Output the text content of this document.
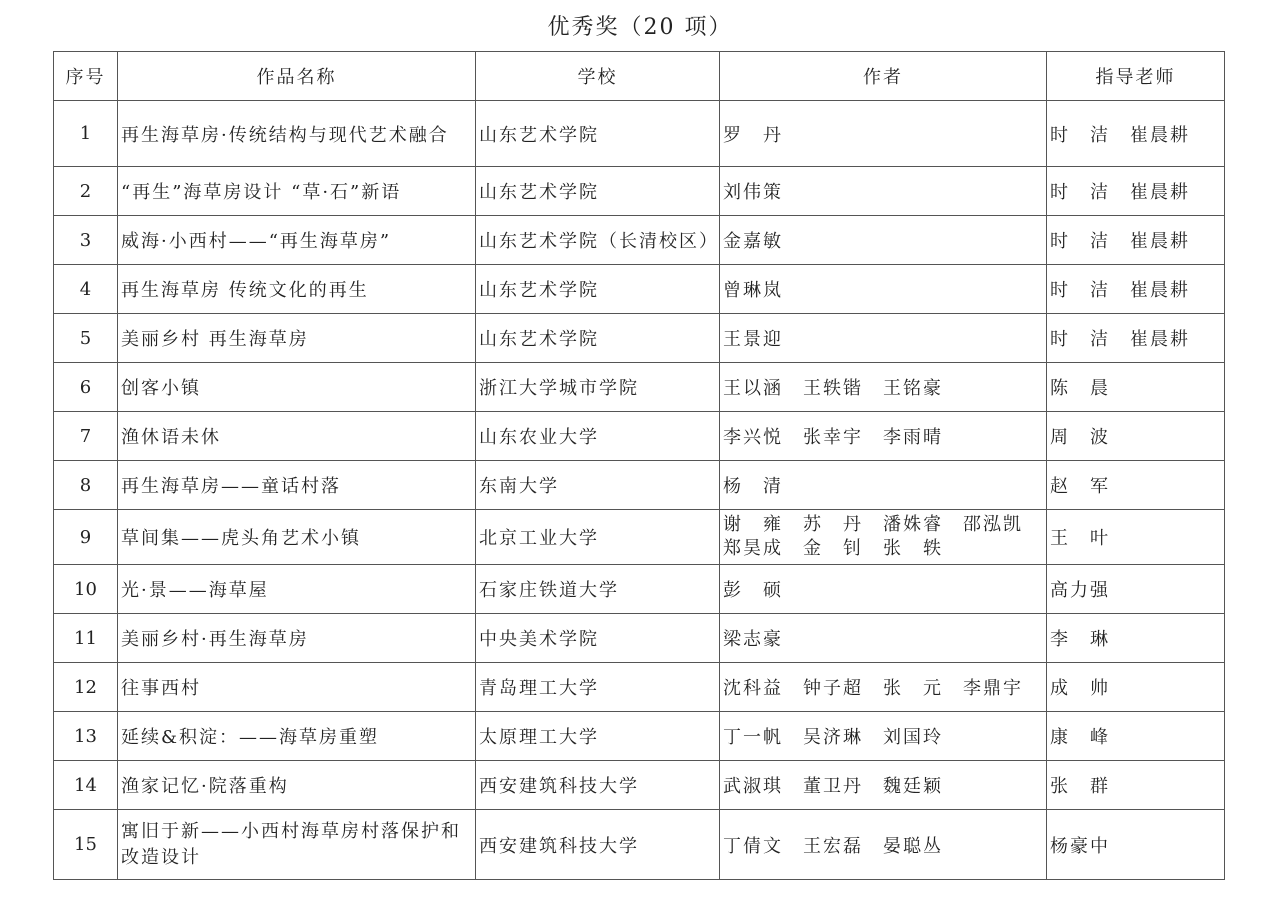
优秀奖（20 项）
序号	作品名称	学校	作者	指导老师
1	再生海草房·传统结构与现代艺术融合	山东艺术学院	罗　丹	时　洁　崔晨耕
2	“再生”海草房设计 “草·石”新语	山东艺术学院	刘伟策	时　洁　崔晨耕
3	威海·小西村——“再生海草房”	山东艺术学院（长清校区）	金嘉敏	时　洁　崔晨耕
4	再生海草房 传统文化的再生	山东艺术学院	曾琳岚	时　洁　崔晨耕
5	美丽乡村 再生海草房	山东艺术学院	王景迎	时　洁　崔晨耕
6	创客小镇	浙江大学城市学院	王以涵　王轶锴　王铭豪	陈　晨
7	渔休语未休	山东农业大学	李兴悦　张幸宇　李雨晴	周　波
8	再生海草房——童话村落	东南大学	杨　清	赵　军
9	草间集——虎头角艺术小镇	北京工业大学	谢　雍　苏　丹　潘姝睿　邵泓凯　郑昊成　金　钊　张　轶	王　叶
10	光·景——海草屋	石家庄铁道大学	彭　硕	高力强
11	美丽乡村·再生海草房	中央美术学院	梁志豪	李　琳
12	往事西村	青岛理工大学	沈科益　钟子超　张　元　李鼎宇	成　帅
13	延续&积淀：——海草房重塑	太原理工大学	丁一帆　吴济琳　刘国玲	康　峰
14	渔家记忆·院落重构	西安建筑科技大学	武淑琪　董卫丹　魏廷颖	张　群
15	寓旧于新——小西村海草房村落保护和改造设计	西安建筑科技大学	丁倩文　王宏磊　晏聪丛	杨豪中
